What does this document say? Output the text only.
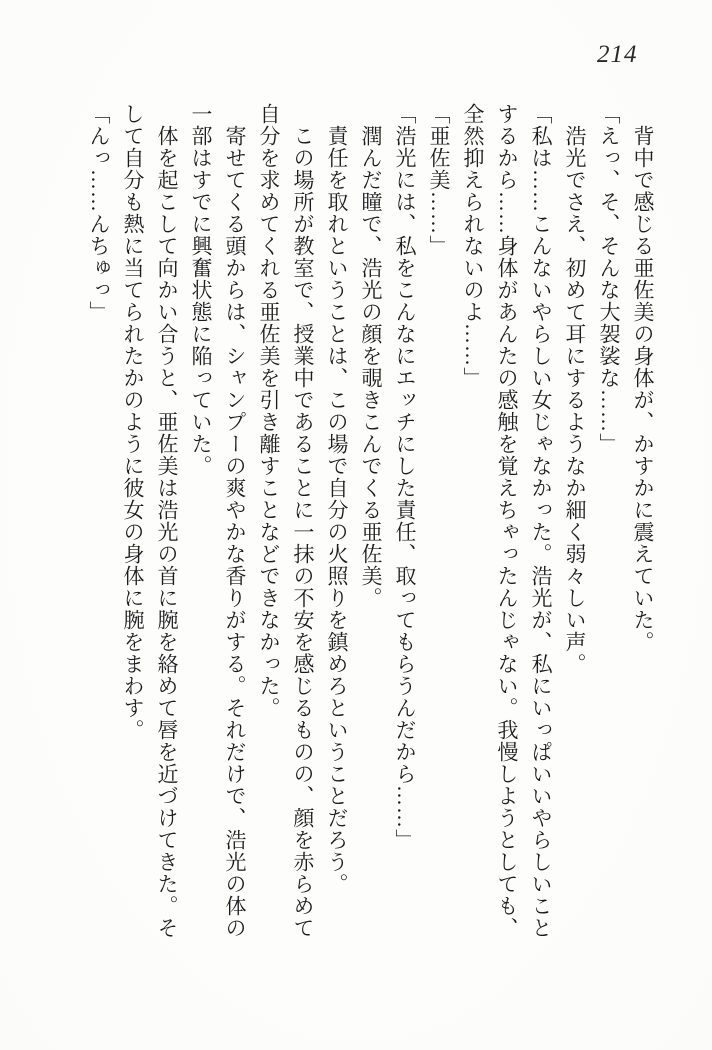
214

　背中で感じる亜佐美の身体が、かすかに震えていた。

「えっ、そ、そんな大袈裟な……」

　浩光でさえ、初めて耳にするようなか細く弱々しい声。

「私は……こんないやらしい女じゃなかった。浩光が、私にいっぱいいやらしいこと

するから……身体があんたの感触を覚えちゃったんじゃない。我慢しようとしても、

全然抑えられないのよ……」

「亜佐美……」

「浩光には、私をこんなにエッチにした責任、取ってもらうんだから……」

　潤んだ瞳で、浩光の顔を覗きこんでくる亜佐美。

　責任を取れということは、この場で自分の火照りを鎮めろということだろう。

　この場所が教室で、授業中であることに一抹の不安を感じるものの、顔を赤らめて

自分を求めてくれる亜佐美を引き離すことなどできなかった。

　寄せてくる頭からは、シャンプーの爽やかな香りがする。それだけで、浩光の体の

一部はすでに興奮状態に陥っていた。

　体を起こして向かい合うと、亜佐美は浩光の首に腕を絡めて唇を近づけてきた。そ

して自分も熱に当てられたかのように彼女の身体に腕をまわす。

「んっ……んちゅっ」
